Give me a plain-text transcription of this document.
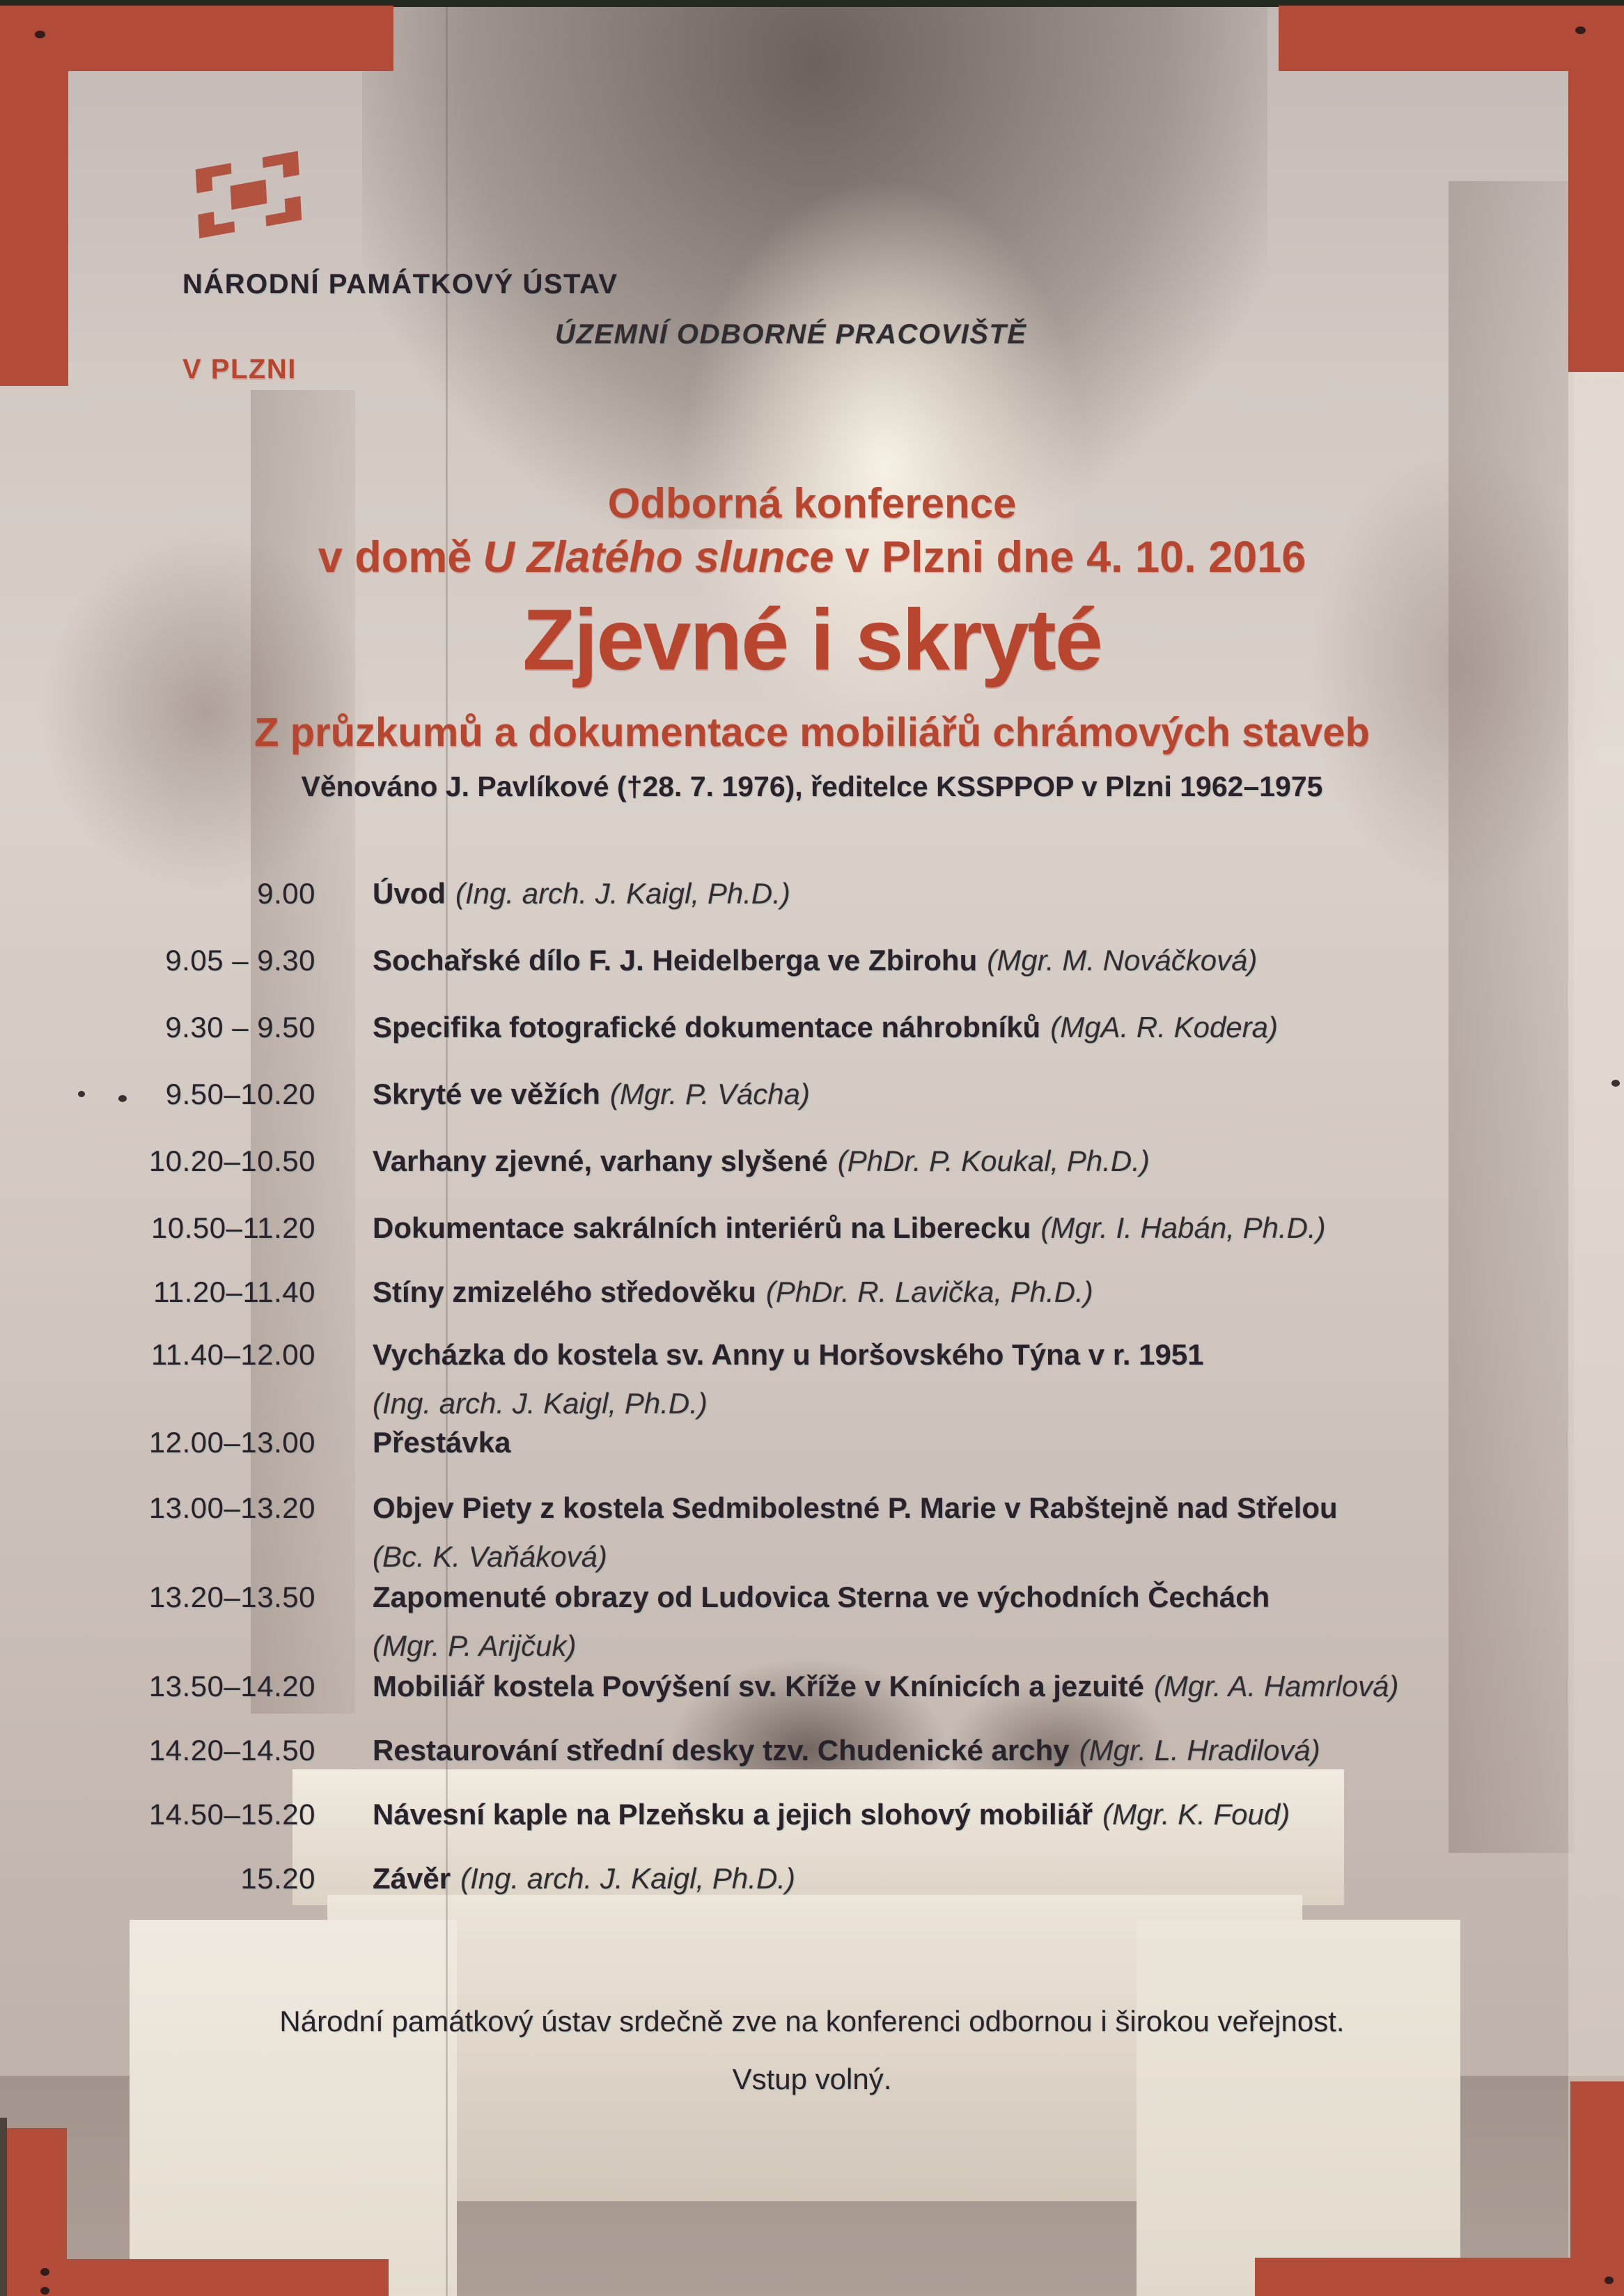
NÁRODNÍ PAMÁTKOVÝ ÚSTAV
ÚZEMNÍ ODBORNÉ PRACOVIŠTĚ
V PLZNI
Odborná konference
v domě U Zlatého slunce v Plzni dne 4. 10. 2016
Zjevné i skryté
Z průzkumů a dokumentace mobiliářů chrámových staveb
Věnováno J. Pavlíkové (†28. 7. 1976), ředitelce KSSPPOP v Plzni 1962–1975
9.00 Úvod (Ing. arch. J. Kaigl, Ph.D.)
9.05 – 9.30 Sochařské dílo F. J. Heidelberga ve Zbirohu (Mgr. M. Nováčková)
9.30 – 9.50 Specifika fotografické dokumentace náhrobníků (MgA. R. Kodera)
9.50–10.20 Skryté ve věžích (Mgr. P. Vácha)
10.20–10.50 Varhany zjevné, varhany slyšené (PhDr. P. Koukal, Ph.D.)
10.50–11.20 Dokumentace sakrálních interiérů na Liberecku (Mgr. I. Habán, Ph.D.)
11.20–11.40 Stíny zmizelého středověku (PhDr. R. Lavička, Ph.D.)
11.40–12.00 Vycházka do kostela sv. Anny u Horšovského Týna v r. 1951
(Ing. arch. J. Kaigl, Ph.D.)
12.00–13.00 Přestávka
13.00–13.20 Objev Piety z kostela Sedmibolestné P. Marie v Rabštejně nad Střelou
(Bc. K. Vaňáková)
13.20–13.50 Zapomenuté obrazy od Ludovica Sterna ve východních Čechách
(Mgr. P. Arijčuk)
13.50–14.20 Mobiliář kostela Povýšení sv. Kříže v Knínicích a jezuité (Mgr. A. Hamrlová)
14.20–14.50 Restaurování střední desky tzv. Chudenické archy (Mgr. L. Hradilová)
14.50–15.20 Návesní kaple na Plzeňsku a jejich slohový mobiliář (Mgr. K. Foud)
15.20 Závěr (Ing. arch. J. Kaigl, Ph.D.)
Národní památkový ústav srdečně zve na konferenci odbornou i širokou veřejnost.
Vstup volný.
